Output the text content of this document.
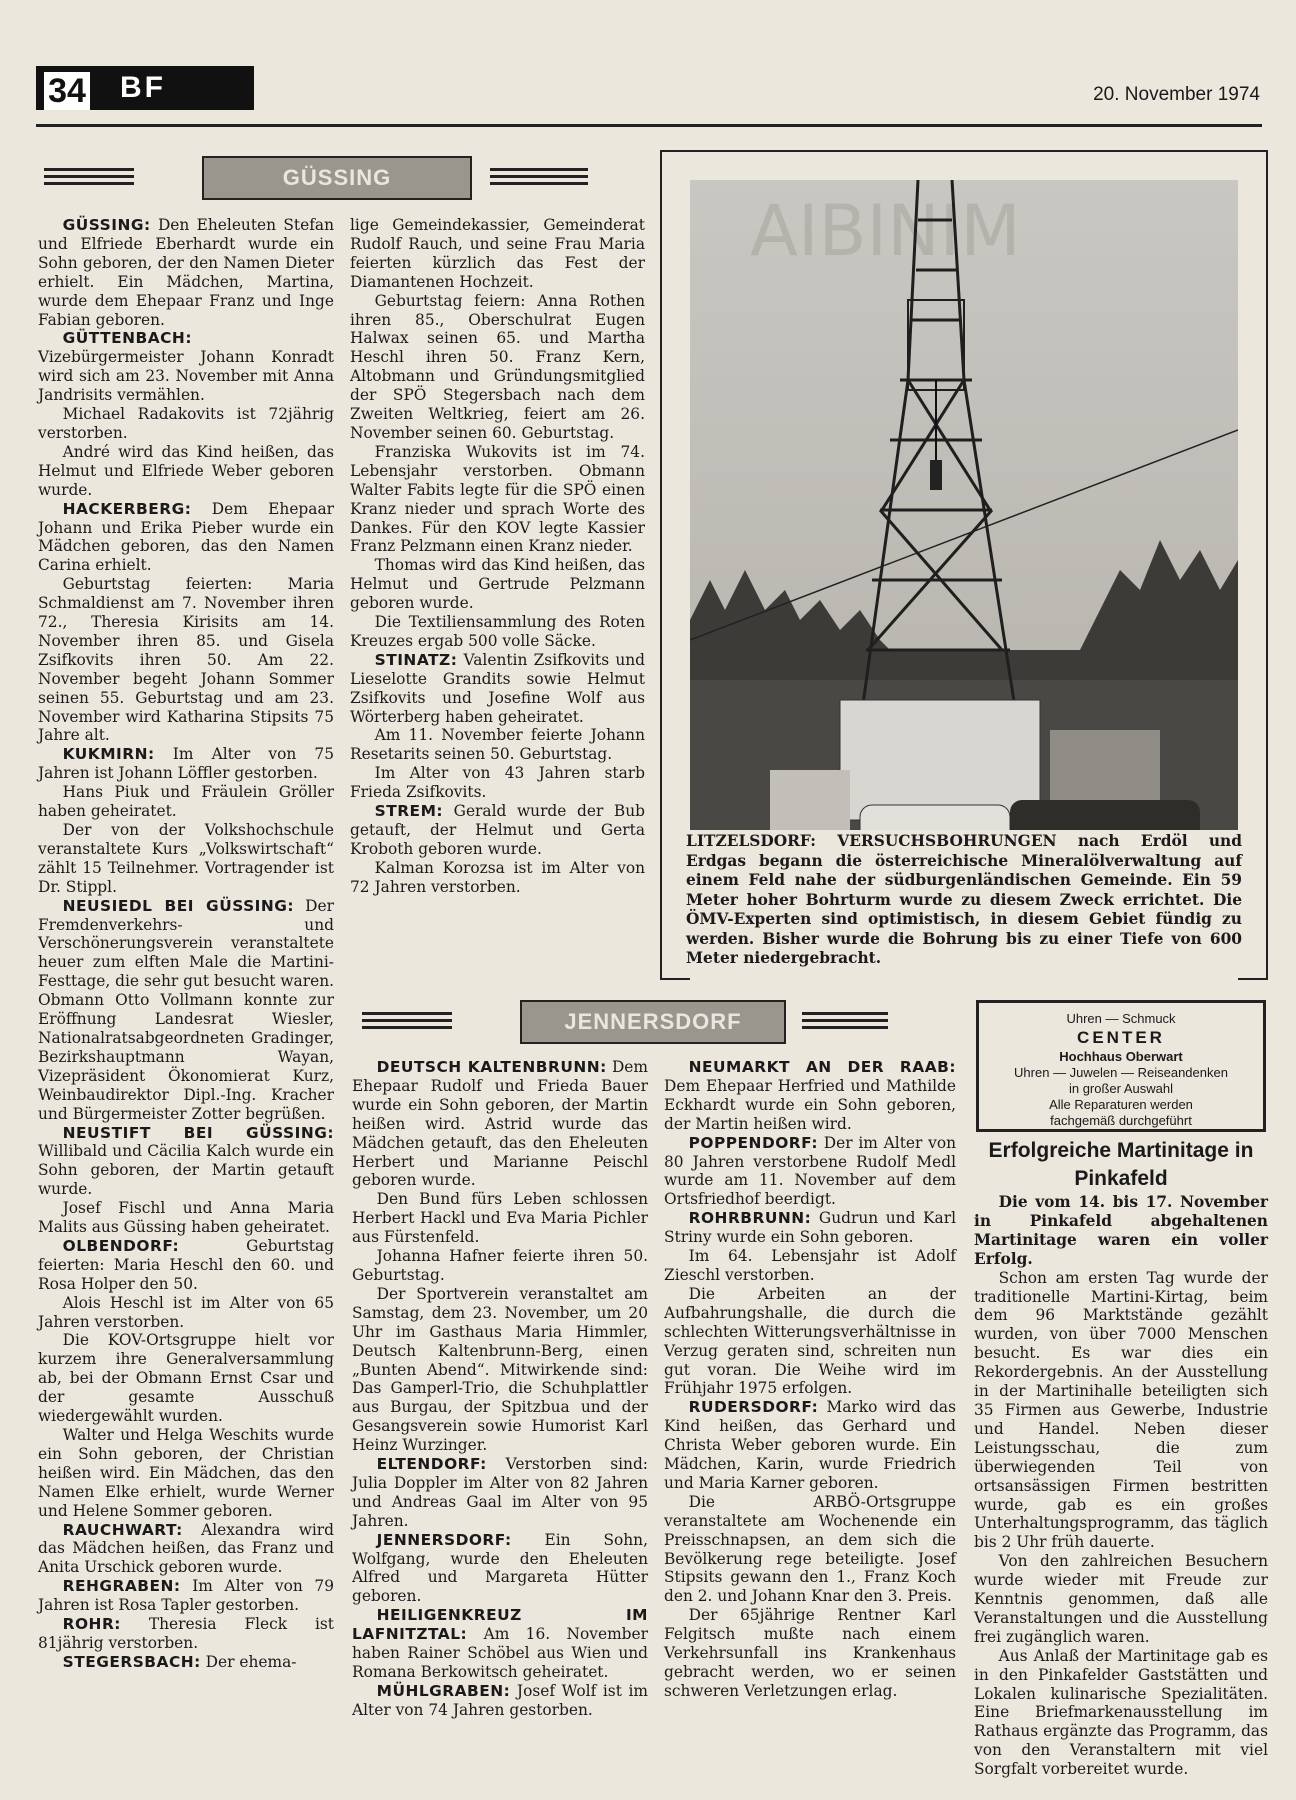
34	BF	20. November 1974
GÜSSING

GÜSSING: Den Eheleuten Stefan und Elfriede Eberhardt wurde ein Sohn geboren, der den Namen Dieter erhielt. Ein Mädchen, Martina, wurde dem Ehepaar Franz und Inge Fabian geboren.

GÜTTENBACH: Vizebürgermeister Johann Konradt wird sich am 23. November mit Anna Jandrisits vermählen.

Michael Radakovits ist 72jährig verstorben.

André wird das Kind heißen, das Helmut und Elfriede Weber geboren wurde.

HACKERBERG: Dem Ehepaar Johann und Erika Pieber wurde ein Mädchen geboren, das den Namen Carina erhielt.

Geburtstag feierten: Maria Schmaldienst am 7. November ihren 72., Theresia Kirisits am 14. November ihren 85. und Gisela Zsifkovits ihren 50. Am 22. November begeht Johann Sommer seinen 55. Geburtstag und am 23. November wird Katharina Stipsits 75 Jahre alt.

KUKMIRN: Im Alter von 75 Jahren ist Johann Löffler gestorben.

Hans Piuk und Fräulein Gröller haben geheiratet.

Der von der Volkshochschule veranstaltete Kurs „Volkswirtschaft“ zählt 15 Teilnehmer. Vortragender ist Dr. Stippl.

NEUSIEDL BEI GÜSSING: Der Fremdenverkehrs- und Verschönerungsverein veranstaltete heuer zum elften Male die Martini-Festtage, die sehr gut besucht waren. Obmann Otto Vollmann konnte zur Eröffnung Landesrat Wiesler, Nationalratsabgeordneten Gradinger, Bezirkshauptmann Wayan, Vizepräsident Ökonomierat Kurz, Weinbaudirektor Dipl.-Ing. Kracher und Bürgermeister Zotter begrüßen.

NEUSTIFT BEI GÜSSING: Willibald und Cäcilia Kalch wurde ein Sohn geboren, der Martin getauft wurde.

Josef Fischl und Anna Maria Malits aus Güssing haben geheiratet.

OLBENDORF: Geburtstag feierten: Maria Heschl den 60. und Rosa Holper den 50.

Alois Heschl ist im Alter von 65 Jahren verstorben.

Die KOV-Ortsgruppe hielt vor kurzem ihre Generalversammlung ab, bei der Obmann Ernst Csar und der gesamte Ausschuß wiedergewählt wurden.

Walter und Helga Weschits wurde ein Sohn geboren, der Christian heißen wird. Ein Mädchen, das den Namen Elke erhielt, wurde Werner und Helene Sommer geboren.

RAUCHWART: Alexandra wird das Mädchen heißen, das Franz und Anita Urschick geboren wurde.

REHGRABEN: Im Alter von 79 Jahren ist Rosa Tapler gestorben.

ROHR: Theresia Fleck ist 81jährig verstorben.

STEGERSBACH: Der ehema-

lige Gemeindekassier, Gemeinderat Rudolf Rauch, und seine Frau Maria feierten kürzlich das Fest der Diamantenen Hochzeit.

Geburtstag feiern: Anna Rothen ihren 85., Oberschulrat Eugen Halwax seinen 65. und Martha Heschl ihren 50. Franz Kern, Altobmann und Gründungsmitglied der SPÖ Stegersbach nach dem Zweiten Weltkrieg, feiert am 26. November seinen 60. Geburtstag.

Franziska Wukovits ist im 74. Lebensjahr verstorben. Obmann Walter Fabits legte für die SPÖ einen Kranz nieder und sprach Worte des Dankes. Für den KOV legte Kassier Franz Pelzmann einen Kranz nieder.

Thomas wird das Kind heißen, das Helmut und Gertrude Pelzmann geboren wurde.

Die Textiliensammlung des Roten Kreuzes ergab 500 volle Säcke.

STINATZ: Valentin Zsifkovits und Lieselotte Grandits sowie Helmut Zsifkovits und Josefine Wolf aus Wörterberg haben geheiratet.

Am 11. November feierte Johann Resetarits seinen 50. Geburtstag.

Im Alter von 43 Jahren starb Frieda Zsifkovits.

STREM: Gerald wurde der Bub getauft, der Helmut und Gerta Kroboth geboren wurde.

Kalman Korozsa ist im Alter von 72 Jahren verstorben.

AIBINIM
LITZELSDORF: VERSUCHSBOHRUNGEN nach Erdöl und Erdgas begann die österreichische Mineralölverwaltung auf einem Feld nahe der südburgenländischen Gemeinde. Ein 59 Meter hoher Bohrturm wurde zu diesem Zweck errichtet. Die ÖMV-Experten sind optimistisch, in diesem Gebiet fündig zu werden. Bisher wurde die Bohrung bis zu einer Tiefe von 600 Meter niedergebracht.
JENNERSDORF

DEUTSCH KALTENBRUNN: Dem Ehepaar Rudolf und Frieda Bauer wurde ein Sohn geboren, der Martin heißen wird. Astrid wurde das Mädchen getauft, das den Eheleuten Herbert und Marianne Peischl geboren wurde.

Den Bund fürs Leben schlossen Herbert Hackl und Eva Maria Pichler aus Fürstenfeld.

Johanna Hafner feierte ihren 50. Geburtstag.

Der Sportverein veranstaltet am Samstag, dem 23. November, um 20 Uhr im Gasthaus Maria Himmler, Deutsch Kaltenbrunn-Berg, einen „Bunten Abend“. Mitwirkende sind: Das Gamperl-Trio, die Schuhplattler aus Burgau, der Spitzbua und der Gesangsverein sowie Humorist Karl Heinz Wurzinger.

ELTENDORF: Verstorben sind: Julia Doppler im Alter von 82 Jahren und Andreas Gaal im Alter von 95 Jahren.

JENNERSDORF: Ein Sohn, Wolfgang, wurde den Eheleuten Alfred und Margareta Hütter geboren.

HEILIGENKREUZ IM LAFNITZTAL: Am 16. November haben Rainer Schöbel aus Wien und Romana Berkowitsch geheiratet.

MÜHLGRABEN: Josef Wolf ist im Alter von 74 Jahren gestorben.

NEUMARKT AN DER RAAB: Dem Ehepaar Herfried und Mathilde Eckhardt wurde ein Sohn geboren, der Martin heißen wird.

POPPENDORF: Der im Alter von 80 Jahren verstorbene Rudolf Medl wurde am 11. November auf dem Ortsfriedhof beerdigt.

ROHRBRUNN: Gudrun und Karl Striny wurde ein Sohn geboren.

Im 64. Lebensjahr ist Adolf Zieschl verstorben.

Die Arbeiten an der Aufbahrungshalle, die durch die schlechten Witterungsverhältnisse in Verzug geraten sind, schreiten nun gut voran. Die Weihe wird im Frühjahr 1975 erfolgen.

RUDERSDORF: Marko wird das Kind heißen, das Gerhard und Christa Weber geboren wurde. Ein Mädchen, Karin, wurde Friedrich und Maria Karner geboren.

Die ARBÖ-Ortsgruppe veranstaltete am Wochenende ein Preisschnapsen, an dem sich die Bevölkerung rege beteiligte. Josef Stipsits gewann den 1., Franz Koch den 2. und Johann Knar den 3. Preis.

Der 65jährige Rentner Karl Felgitsch mußte nach einem Verkehrsunfall ins Krankenhaus gebracht werden, wo er seinen schweren Verletzungen erlag.

Uhren — Schmuck
CENTER
Hochhaus Oberwart
Uhren — Juwelen — Reiseandenken
in großer Auswahl
Alle Reparaturen werden
fachgemäß durchgeführt
Erfolgreiche Martinitage in Pinkafeld

Die vom 14. bis 17. November in Pinkafeld abgehaltenen Martinitage waren ein voller Erfolg.

Schon am ersten Tag wurde der traditionelle Martini-Kirtag, beim dem 96 Marktstände gezählt wurden, von über 7000 Menschen besucht. Es war dies ein Rekordergebnis. An der Ausstellung in der Martinihalle beteiligten sich 35 Firmen aus Gewerbe, Industrie und Handel. Neben dieser Leistungsschau, die zum überwiegenden Teil von ortsansässigen Firmen bestritten wurde, gab es ein großes Unterhaltungsprogramm, das täglich bis 2 Uhr früh dauerte.

Von den zahlreichen Besuchern wurde wieder mit Freude zur Kenntnis genommen, daß alle Veranstaltungen und die Ausstellung frei zugänglich waren.

Aus Anlaß der Martinitage gab es in den Pinkafelder Gaststätten und Lokalen kulinarische Spezialitäten. Eine Briefmarkenausstellung im Rathaus ergänzte das Programm, das von den Veranstaltern mit viel Sorgfalt vorbereitet wurde.
